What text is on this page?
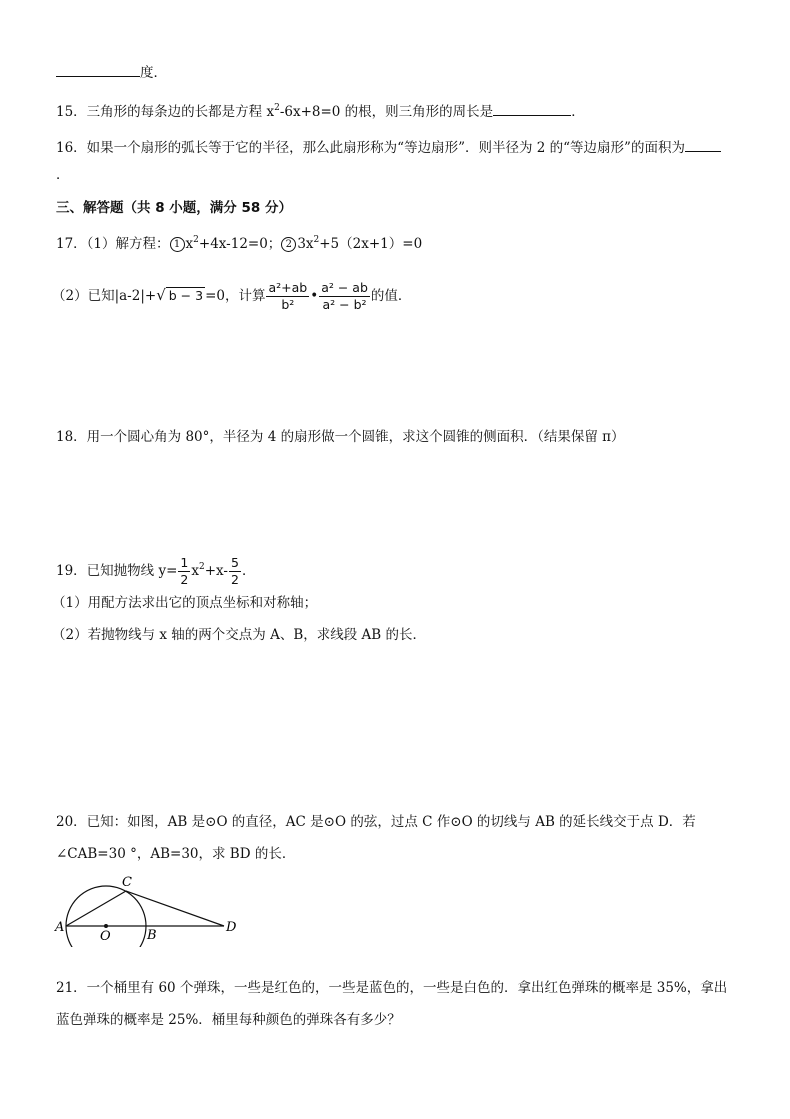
度．
15．三角形的每条边的长都是方程 $x^2-6x+8=0$ 的根，则三角形的周长是	．
16．如果一个扇形的弧长等于它的半径，那么此扇形称为“等边扇形”．则半径为 2 的“等边扇形”的面积为
．
三、解答题（共 8 小题，满分 58 分）
17．（1）解方程： 1 $x^2+4x-12=0$； 2 $3x^2+5(2x+1)=0$
（2）已知|a-2|+√ b − 3 =0，计算 $\frac{\text{a²+ab}}{\text{b²}}$ • $\frac{\text{a² − ab}}{\text{a² − b²}}$ 的值．
18．用一个圆心角为 80°，半径为 4 的扇形做一个圆锥，求这个圆锥的侧面积．（结果保留 π）
19．已知抛物线 $y= \frac{1}{2} x^2+x- \frac{5}{2}$ ．
（1）用配方法求出它的顶点坐标和对称轴；
（2）若抛物线与 x 轴的两个交点为 A、B，求线段 AB 的长．
20．已知：如图，AB 是⊙O 的直径，AC 是⊙O 的弦，过点 C 作⊙O 的切线与 AB 的延长线交于点 D．若
∠CAB=30 °，AB=30，求 BD 的长．
A
O	B
C
D
21．一个桶里有 60 个弹珠，一些是红色的，一些是蓝色的，一些是白色的．拿出红色弹珠的概率是 35%，拿出
蓝色弹珠的概率是 25%．桶里每种颜色的弹珠各有多少？
